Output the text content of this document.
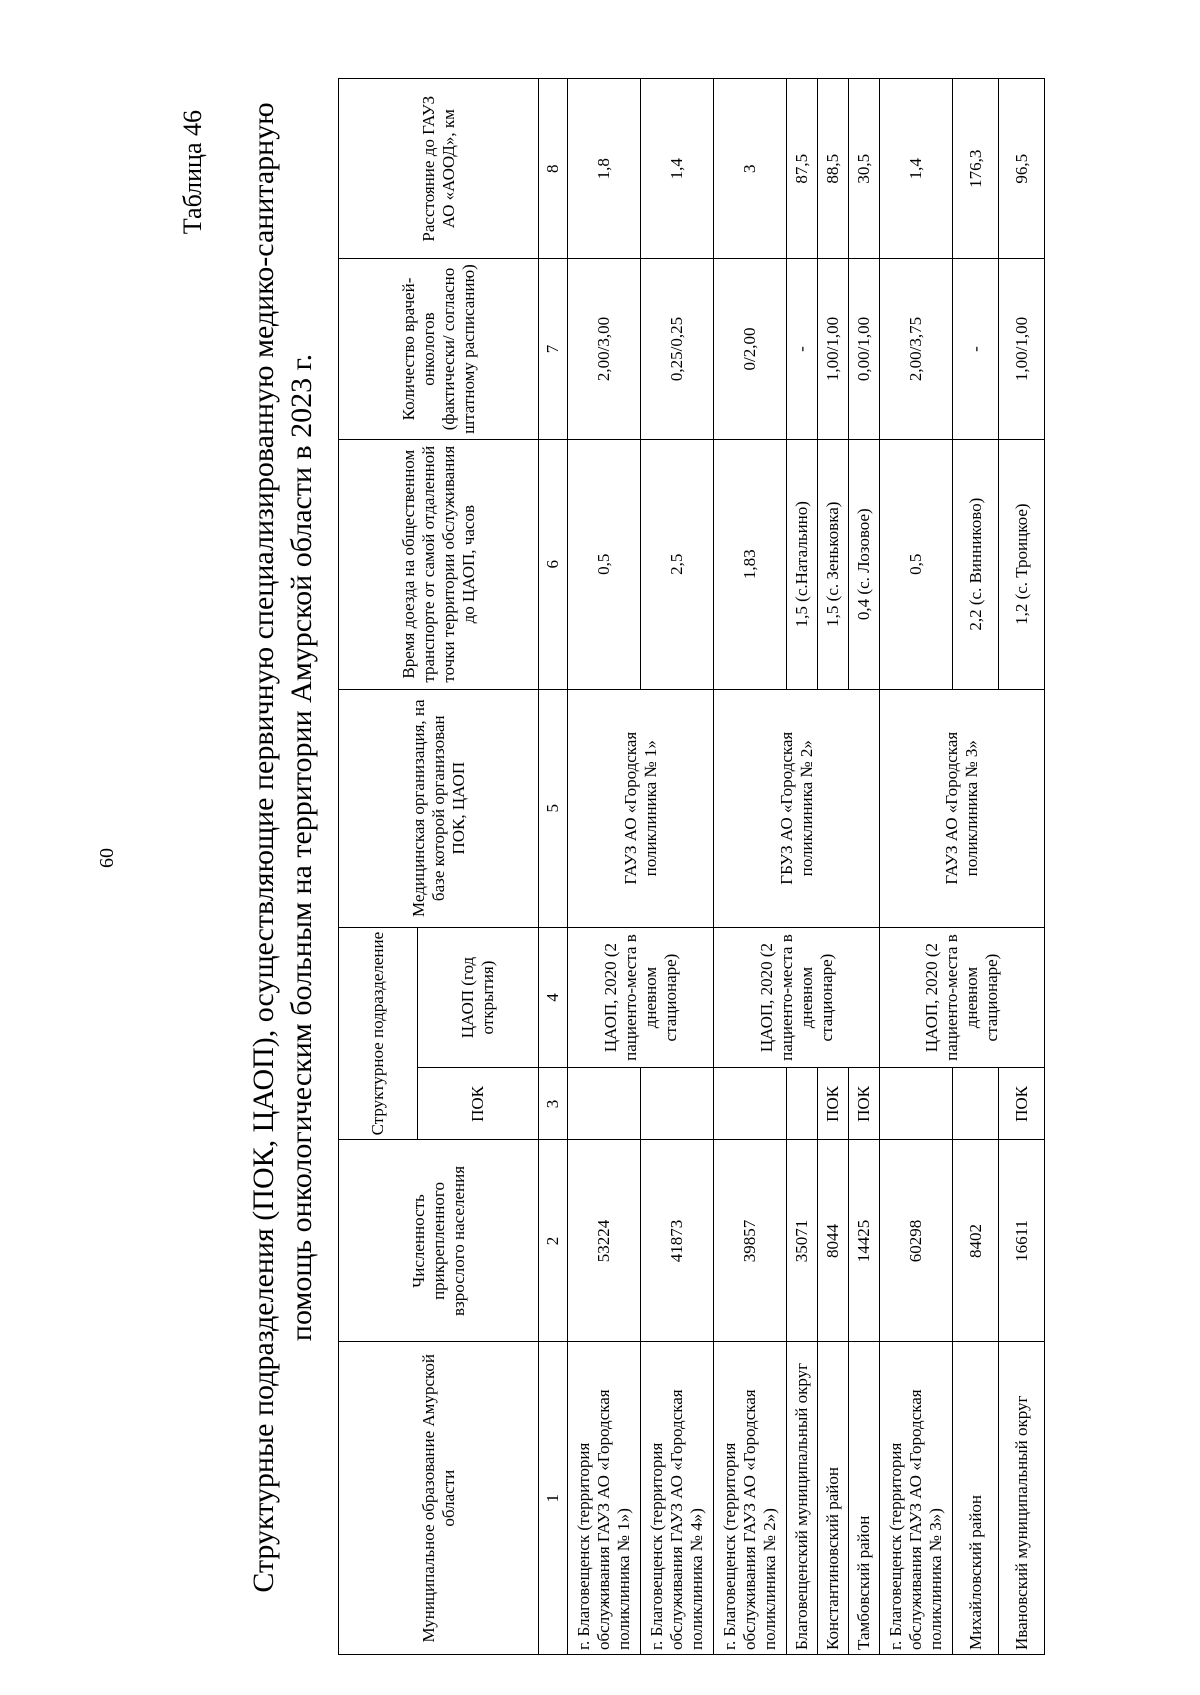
60
Таблица 46 Структурные подразделения (ПОК, ЦАОП), осуществляющие первичную специализированную медико-санитарную помощь онкологическим больным на территории Амурской области в 2023 г.
Муниципальное образование Амурской области	Численность прикрепленного взрослого населения	Структурное подразделение		Медицинская организация, на базе которой организован ПОК, ЦАОП	Время доезда на общественном транспорте от самой отдаленной точки территории обслуживания до ЦАОП, часов	Количество врачей-онкологов (фактически/ согласно штатному расписанию)	Расстояние до ГАУЗ АО «АООД», км
		ПОК	ЦАОП (год открытия)				
1	2	3	4	5	6	7	8
г. Благовещенск (территория обслуживания ГАУЗ АО «Городская поликлиника № 1»)	53224		ЦАОП, 2020 (2 пациенто-места в дневном стационаре)	ГАУЗ АО «Городская поликлиника № 1»	0,5	2,00/3,00	1,8
г. Благовещенск (территория обслуживания ГАУЗ АО «Городская поликлиника № 4»)	41873				2,5	0,25/0,25	1,4
г. Благовещенск (территория обслуживания ГАУЗ АО «Городская поликлиника № 2»)	39857		ЦАОП, 2020 (2 пациенто-места в дневном стационаре)	ГБУЗ АО «Городская поликлиника № 2»	1,83	0/2,00	3
Благовещенский муниципальный округ	35071				1,5 (с.Натальино)	-	87,5
Константиновский район	8044	ПОК			1,5 (с. Зеньковка)	1,00/1,00	88,5
Тамбовский район	14425	ПОК			0,4 (с. Лозовое)	0,00/1,00	30,5
г. Благовещенск (территория обслуживания ГАУЗ АО «Городская поликлиника № 3»)	60298		ЦАОП, 2020 (2 пациенто-места в дневном стационаре)	ГАУЗ АО «Городская поликлиника № 3»	0,5	2,00/3,75	1,4
Михайловский район	8402				2,2 (с. Винниково)	-	176,3
Ивановский муниципальный округ	16611	ПОК			1,2 (с. Троицкое)	1,00/1,00	96,5
